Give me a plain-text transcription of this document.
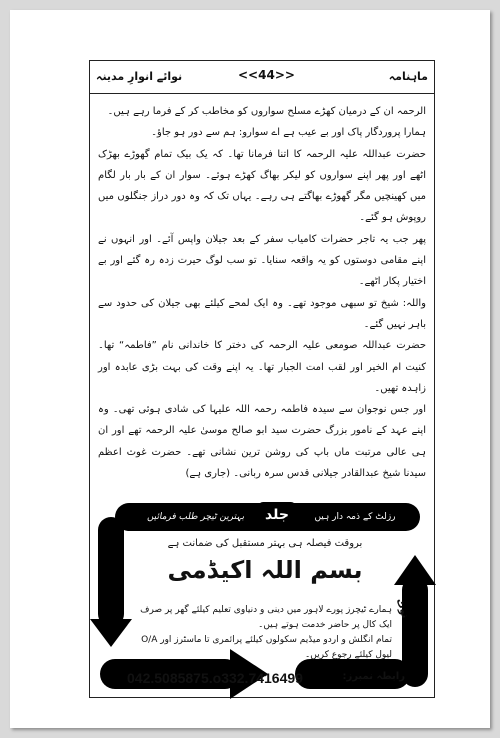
نوائے انوارِ مدینہ	<<44>>	ماہنامہ

الرحمہ ان کے درمیان کھڑے مسلح سواروں کو مخاطب کر کے فرما رہے ہیں۔

ہمارا پروردگار پاک اور بے عیب ہے اے سوارو: ہم سے دور ہو جاؤ۔

حضرت عبداللہ علیہ الرحمہ کا اتنا فرمانا تھا۔ کہ یک بیک تمام گھوڑے بھڑک اٹھے اور پھر اپنے سواروں کو لیکر بھاگ کھڑے ہوئے۔ سوار ان کے بار بار لگام میں کھینچیں مگر گھوڑے بھاگتے ہی رہے۔ یہاں تک کہ وہ دور دراز جنگلوں میں روپوش ہو گئے۔

پھر جب یہ تاجر حضرات کامیاب سفر کے بعد جیلان واپس آئے۔ اور انہوں نے اپنے مقامی دوستوں کو یہ واقعہ سنایا۔ تو سب لوگ حیرت زدہ رہ گئے اور بے اختیار پکار اٹھے۔

واللہ: شیخ تو سبھی موجود تھے۔ وہ ایک لمحے کیلئے بھی جیلان کی حدود سے باہر نہیں گئے۔

حضرت عبداللہ صومعی علیہ الرحمہ کی دختر کا خاندانی نام ”فاطمہ“ تھا۔ کنیت ام الخیر اور لقب امت الجبار تھا۔ یہ اپنے وقت کی بہت بڑی عابدہ اور زاہدہ تھیں۔

اور جس نوجوان سے سیدہ فاطمہ رحمہ اللہ علیہا کی شادی ہوئی تھی۔ وہ اپنے عہد کے نامور بزرگ حضرت سید ابو صالح موسیٰ علیہ الرحمہ تھے اور ان ہی عالی مرتبت ماں باپ کی روشن ترین نشانی تھے۔ حضرت غوث اعظم سیدنا شیخ عبدالقادر جیلانی قدس سرہ ربانی۔ (جاری ہے)

بہترین ٹیچر طلب فرمائیں	جلد	رزلٹ کے ذمہ دار ہیں
بروقت فیصلہ ہی بہتر مستقبل کی ضمانت ہے
بسم اللہ اکیڈمی
نوٹ
ہمارے ٹیچرز پورے لاہور میں دینی و دنیاوی تعلیم کیلئے گھر پر صرف ایک کال پر حاضر خدمت ہوتے ہیں۔
تمام انگلش و اردو میڈیم سکولوں کیلئے پرائمری تا ماسٹرز اور O/A لیول کیلئے رجوع کریں۔
رابطہ نمبرز:
042.5085875.o332.7416499
